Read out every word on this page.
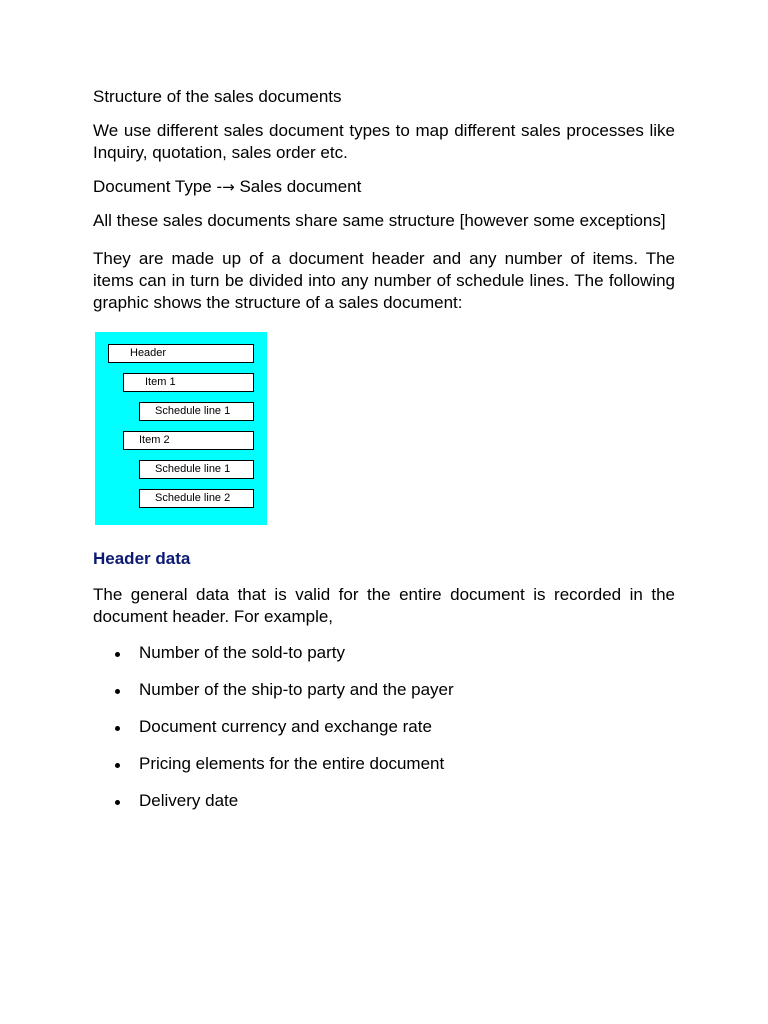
Structure of the sales documents

We use different sales document types to map different sales processes like Inquiry, quotation, sales order etc.

Document Type -→ Sales document

All these sales documents share same structure [however some exceptions]

They are made up of a document header and any number of items. The items can in turn be divided into any number of schedule lines. The following graphic shows the structure of a sales document:

Header
Item 1
Schedule line 1
Item 2
Schedule line 1
Schedule line 2
Header data

The general data that is valid for the entire document is recorded in the document header. For example,

Number of the sold-to party
Number of the ship-to party and the payer
Document currency and exchange rate
Pricing elements for the entire document
Delivery date
